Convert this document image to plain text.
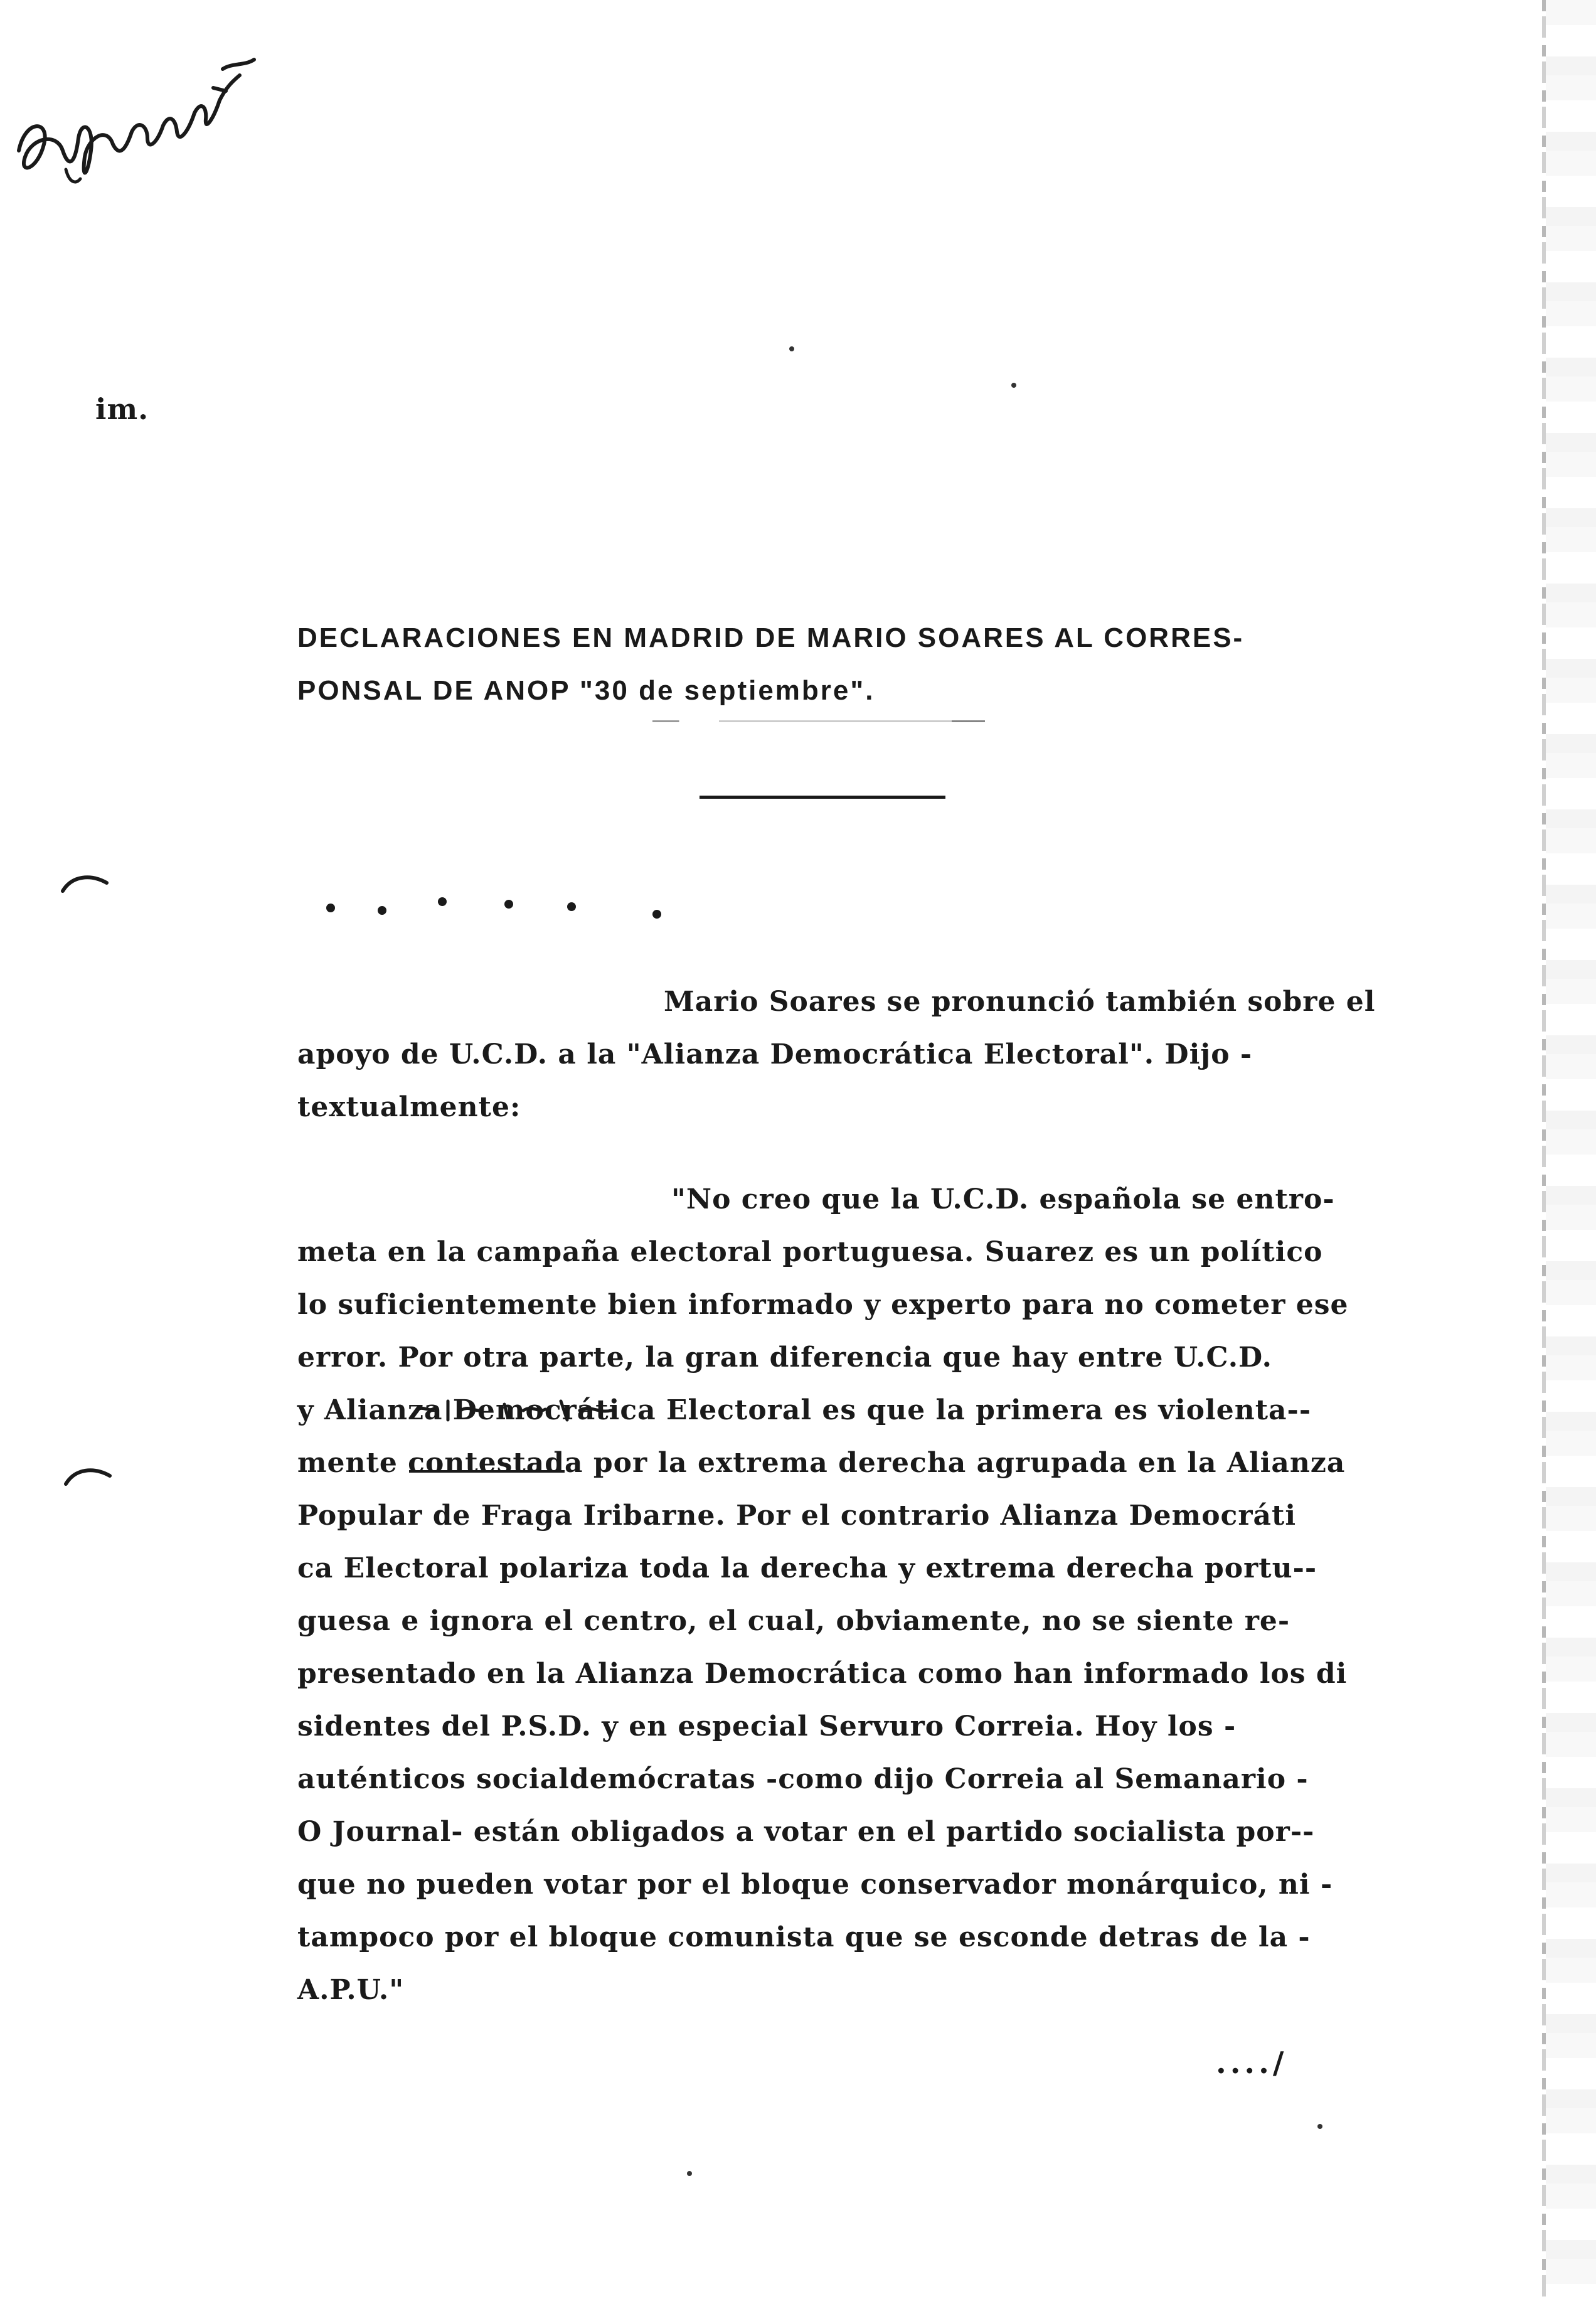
im.
DECLARACIONES EN MADRID DE MARIO SOARES AL CORRES-
PONSAL DE ANOP "30 de septiembre".
Mario Soares se pronunció también sobre el
apoyo de U.C.D. a la "Alianza Democrática Electoral". Dijo -
textualmente:
"No creo que la U.C.D. española se entro-
meta en la campaña electoral portuguesa. Suarez es un político
lo suficientemente bien informado y experto para no cometer ese
error. Por otra parte, la gran diferencia que hay entre U.C.D.
y Alianza Democrática Electoral es que la primera es violenta--
mente contestada por la extrema derecha agrupada en la Alianza
Popular de Fraga Iribarne. Por el contrario Alianza Democráti
ca Electoral polariza toda la derecha y extrema derecha portu--
guesa e ignora el centro, el cual, obviamente, no se siente re-
presentado en la Alianza Democrática como han informado los di
sidentes del P.S.D. y en especial Servuro Correia. Hoy los -
auténticos socialdemócratas -como dijo Correia al Semanario -
O Journal- están obligados a votar en el partido socialista por--
que no pueden votar por el bloque conservador monárquico, ni -
tampoco por el bloque comunista que se esconde detras de la -
A.P.U."
..../
